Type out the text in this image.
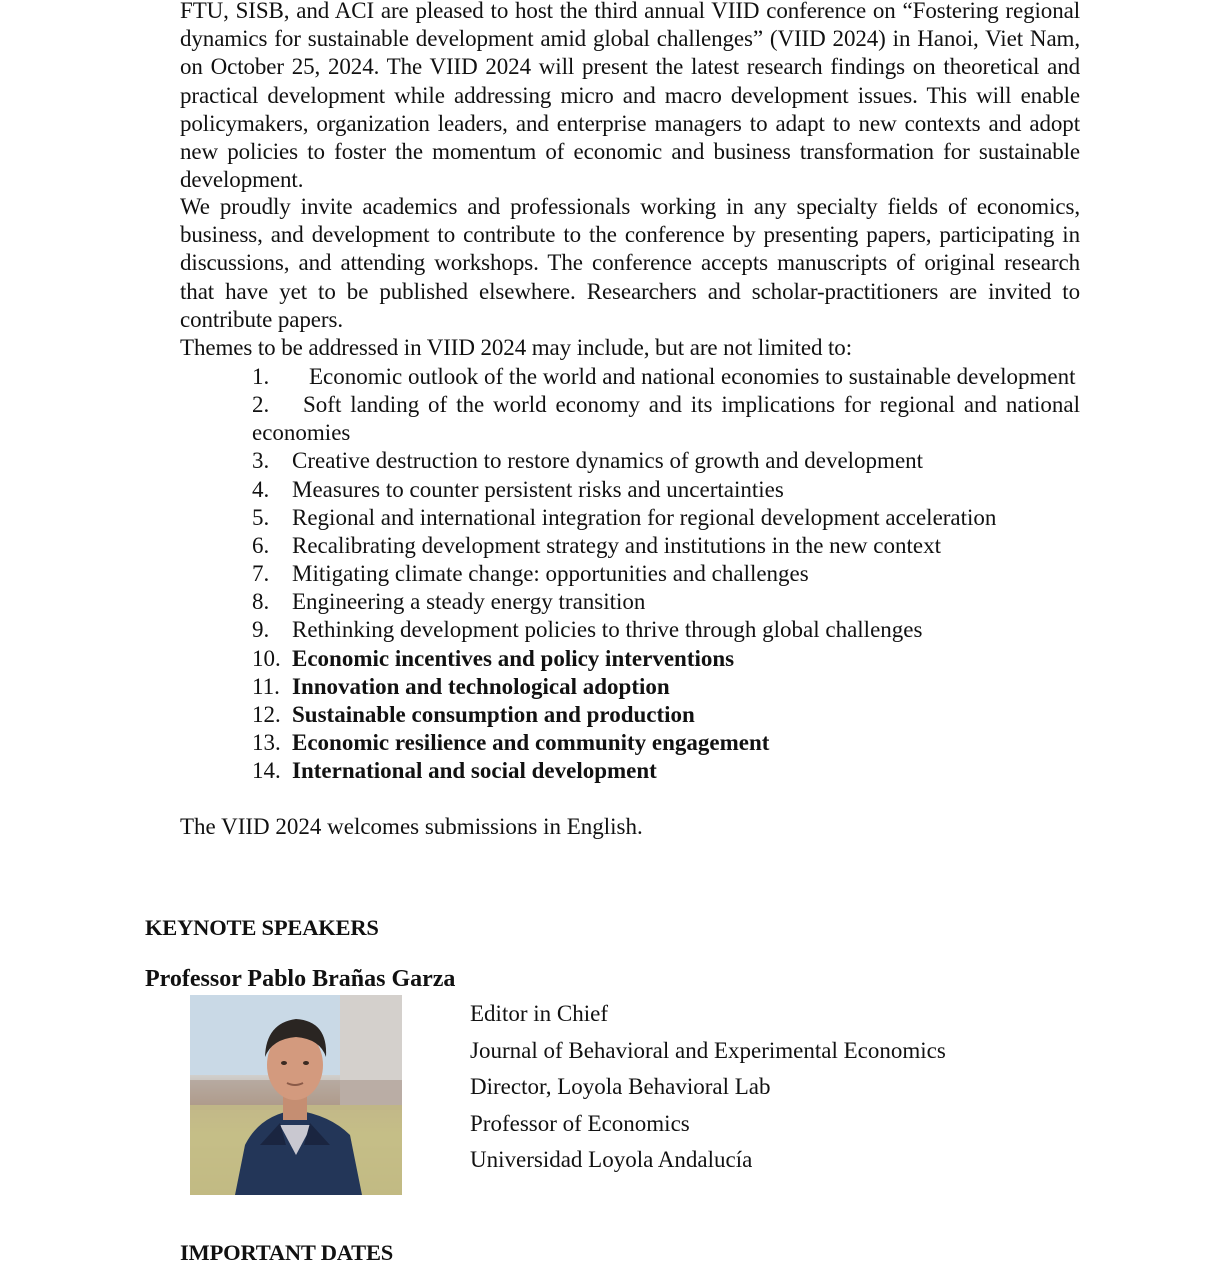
FTU, SISB, and ACI are pleased to host the third annual VIID conference on “Fostering regional dynamics for sustainable development amid global challenges” (VIID 2024) in Hanoi, Viet Nam, on October 25, 2024. The VIID 2024 will present the latest research findings on theoretical and practical development while addressing micro and macro development issues. This will enable policymakers, organization leaders, and enterprise managers to adapt to new contexts and adopt new policies to foster the momentum of economic and business transformation for sustainable development.

We proudly invite academics and professionals working in any specialty fields of economics, business, and development to contribute to the conference by presenting papers, participating in discussions, and attending workshops. The conference accepts manuscripts of original research that have yet to be published elsewhere. Researchers and scholar-practitioners are invited to contribute papers.

Themes to be addressed in VIID 2024 may include, but are not limited to:

1. Economic outlook of the world and national economies to sustainable development
2. Soft landing of the world economy and its implications for regional and national economies
3. Creative destruction to restore dynamics of growth and development
4. Measures to counter persistent risks and uncertainties
5. Regional and international integration for regional development acceleration
6. Recalibrating development strategy and institutions in the new context
7. Mitigating climate change: opportunities and challenges
8. Engineering a steady energy transition
9. Rethinking development policies to thrive through global challenges
10. Economic incentives and policy interventions
11. Innovation and technological adoption
12. Sustainable consumption and production
13. Economic resilience and community engagement
14. International and social development

The VIID 2024 welcomes submissions in English.

KEYNOTE SPEAKERS
Professor Pablo Brañas Garza
Editor in Chief
Journal of Behavioral and Experimental Economics
Director, Loyola Behavioral Lab
Professor of Economics
Universidad Loyola Andalucía
IMPORTANT DATES
